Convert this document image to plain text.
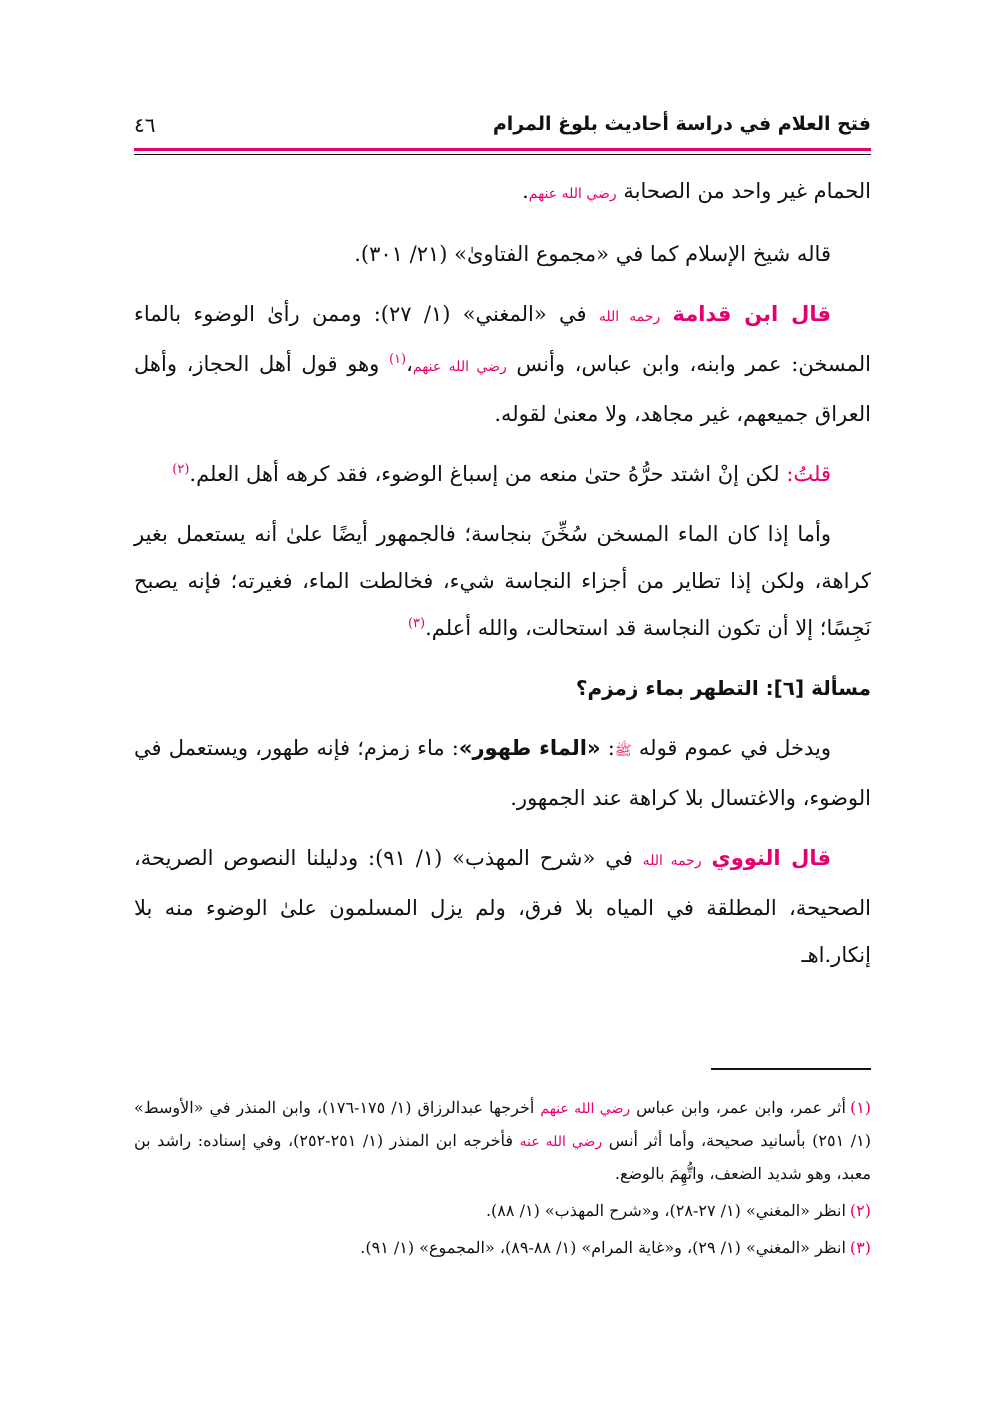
فتح العلام في دراسة أحاديث بلوغ المرام
٤٦

الحمام غير واحد من الصحابة رضي الله عنهم.

قاله شيخ الإسلام كما في «مجموع الفتاوىٰ» (٢١/ ٣٠١).

قال ابن قدامة رحمه الله في «المغني» (١/ ٢٧): وممن رأىٰ الوضوء بالماء المسخن: عمر وابنه، وابن عباس، وأنس رضي الله عنهم،$^{(١)}$ وهو قول أهل الحجاز، وأهل العراق جميعهم، غير مجاهد، ولا معنىٰ لقوله.

قلتُ: لكن إنْ اشتد حرُّهُ حتىٰ منعه من إسباغ الوضوء، فقد كرهه أهل العلم.$^{(٢)}$

وأما إذا كان الماء المسخن سُخِّنَ بنجاسة؛ فالجمهور أيضًا علىٰ أنه يستعمل بغير كراهة، ولكن إذا تطاير من أجزاء النجاسة شيء، فخالطت الماء، فغيرته؛ فإنه يصبح نَجِسًا؛ إلا أن تكون النجاسة قد استحالت، والله أعلم.$^{(٣)}$

مسألة [٦]: التطهر بماء زمزم؟

ويدخل في عموم قوله ﷺ: «الماء طهور»: ماء زمزم؛ فإنه طهور، ويستعمل في الوضوء، والاغتسال بلا كراهة عند الجمهور.

قال النووي رحمه الله في «شرح المهذب» (١/ ٩١): ودليلنا النصوص الصريحة، الصحيحة، المطلقة في المياه بلا فرق، ولم يزل المسلمون علىٰ الوضوء منه بلا إنكار.اهـ

(١)أثر عمر، وابن عمر، وابن عباس رضي الله عنهم أخرجها عبدالرزاق (١/ ١٧٥-١٧٦)، وابن المنذر في «الأوسط» (١/ ٢٥١) بأسانيد صحيحة، وأما أثر أنس رضي الله عنه فأخرجه ابن المنذر (١/ ٢٥١-٢٥٢)، وفي إسناده: راشد بن معبد، وهو شديد الضعف، واتُّهِمَ بالوضع.

(٢)انظر «المغني» (١/ ٢٧-٢٨)، و«شرح المهذب» (١/ ٨٨).

(٣)انظر «المغني» (١/ ٢٩)، و«غاية المرام» (١/ ٨٨-٨٩)، «المجموع» (١/ ٩١).
